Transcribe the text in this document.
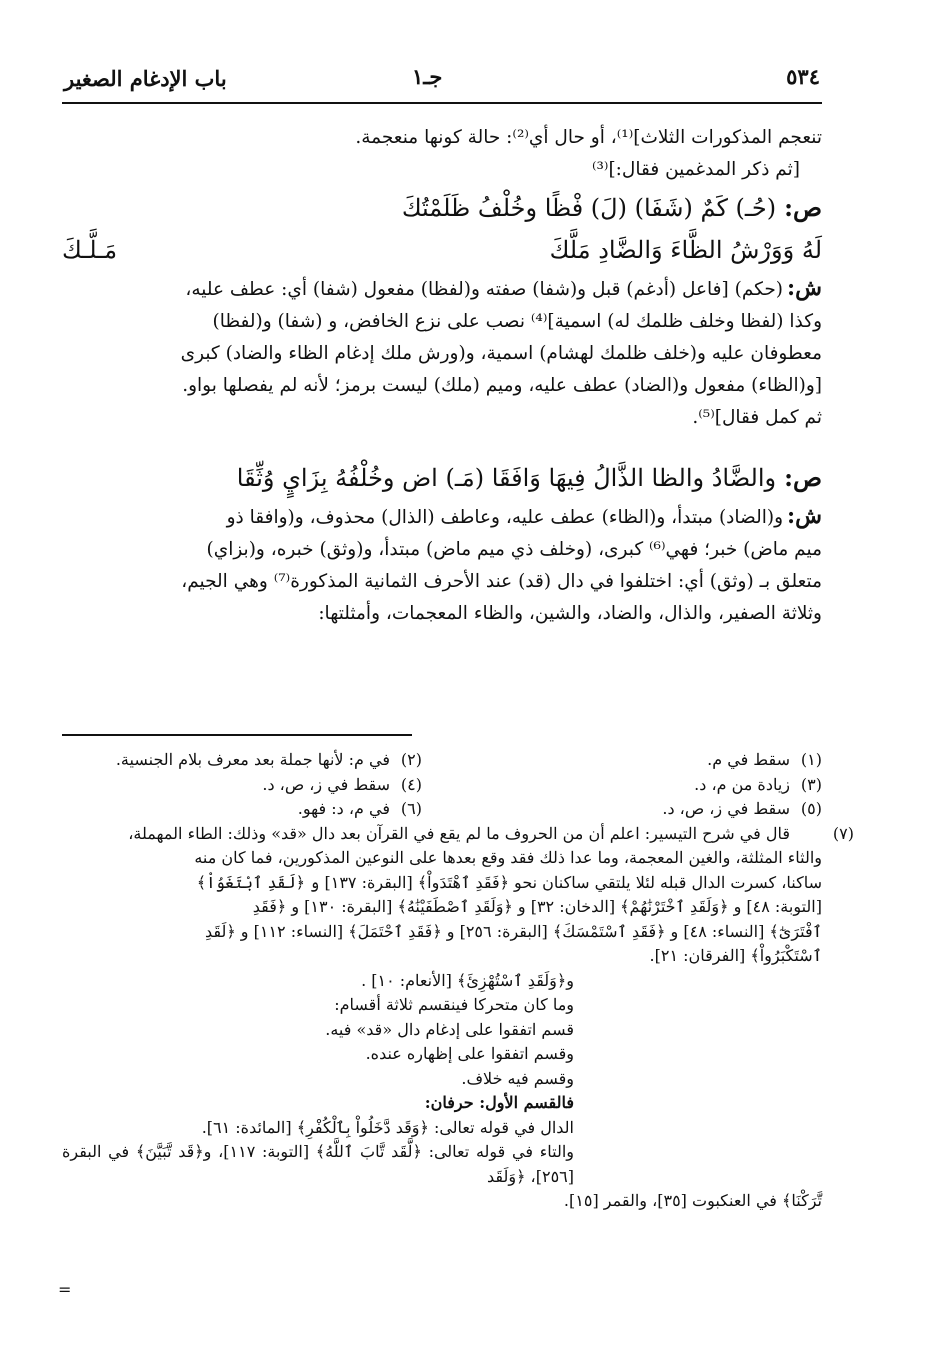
باب الإدغام الصغير	جـ١	٥٣٤

تنعجم المذكورات الثلاث]⁽¹⁾، أو حال أي⁽²⁾: حالة كونها منعجمة.

[ثم ذكر المدغمين فقال:]⁽³⁾

ص:(حُـ) كَمٌ (شَفَا) (لَ) فْظًا وخُلْفُ ظَلَمْتُكَ
لَهُ وَوَرْشُ الظَّاءَ وَالضَّادِ مَلَّكَ
مَـلَّـكَ

ش:(حكم) [فاعل (أدغم) قبل و(شفا) صفته و(لفظا) مفعول (شفا) أي: عطف عليه،

وكذا (لفظا وخلف ظلمك له) اسمية]⁽⁴⁾ نصب على نزع الخافض، و (شفا) و(لفظا)

معطوفان عليه و(خلف ظلمك لهشام) اسمية، و(ورش ملك إدغام الظاء والضاد) كبرى

[و(الظاء) مفعول و(الضاد) عطف عليه، وميم (ملك) ليست برمز؛ لأنه لم يفصلها بواو.

ثم كمل فقال]⁽⁵⁾.

ص:والضَّادُ والظا الذَّالُ فِيهَا وَافَقَا (مَـ) اض وخُلْفُهُ بِزَايٍ وُثِّقَا

ش:و(الضاد) مبتدأ، و(الظاء) عطف عليه، وعاطف (الذال) محذوف، و(وافقا ذو

ميم ماض) خبر؛ فهي⁽⁶⁾ كبرى، (وخلف ذي ميم ماض) مبتدأ، و(وثق) خبره، و(بزاي)

متعلق بـ (وثق) أي: اختلفوا في دال (قد) عند الأحرف الثمانية المذكورة⁽⁷⁾ وهي الجيم،

وثلاثة الصفير، والذال، والضاد، والشين، والظاء المعجمات، وأمثلتها:

(١)سقط في م.
(٢)في م: لأنها جملة بعد معرف بلام الجنسية.
(٣)زيادة من م، د.
(٤)سقط في ز، ص، د.
(٥)سقط في ز، ص، د.
(٦)في م، د: فهو.
(٧)قال في شرح التيسير: اعلم أن من الحروف ما لم يقع في القرآن بعد دال «قد» وذلك: الطاء المهملة،
والثاء المثلثة، والغين المعجمة، وما عدا ذلك فقد وقع بعدها على النوعين المذكورين، فما كان منه
ساكنا، كسرت الدال قبله لئلا يلتقي ساكنان نحو ﴿فَقَدِ ٱهْتَدَواْ﴾ [البقرة: ١٣٧] و ﴿لَقَدِ ٱبْتَغَوُاْ﴾
[التوبة: ٤٨] و ﴿وَلَقَدِ ٱخْتَرْنَٰهُمْ﴾ [الدخان: ٣٢] و ﴿وَلَقَدِ ٱصْطَفَيْنَٰهُ﴾ [البقرة: ١٣٠] و ﴿فَقَدِ
ٱفْتَرَىٰٓ﴾ [النساء: ٤٨] و ﴿فَقَدِ ٱسْتَمْسَكَ﴾ [البقرة: ٢٥٦] و ﴿فَقَدِ ٱحْتَمَلَ﴾ [النساء: ١١٢] و ﴿لَقَدِ
ٱسْتَكْبَرُواْ﴾ [الفرقان: ٢١].
و﴿وَلَقَدِ ٱسْتُهْزِئَ﴾ [الأنعام: ١٠] .
وما كان متحركا فينقسم ثلاثة أقسام:
قسم اتفقوا على إدغام دال «قد» فيه.
وقسم اتفقوا على إظهاره عنده.
وقسم فيه خلاف.
فالقسم الأول: حرفان:
الدال في قوله تعالى: ﴿وَقَد دَّخَلُواْ بِٱلْكُفْرِ﴾ [المائدة: ٦١].
والتاء في قوله تعالى: ﴿لَّقَد تَّابَ ٱللَّهُ﴾ [التوبة: ١١٧]، و﴿قَد تَّبَيَّنَ﴾ في البقرة [٢٥٦]، ﴿وَلَقَد
تَّرَكْنَا﴾ في العنكبوت [٣٥]، والقمر [١٥].
=
